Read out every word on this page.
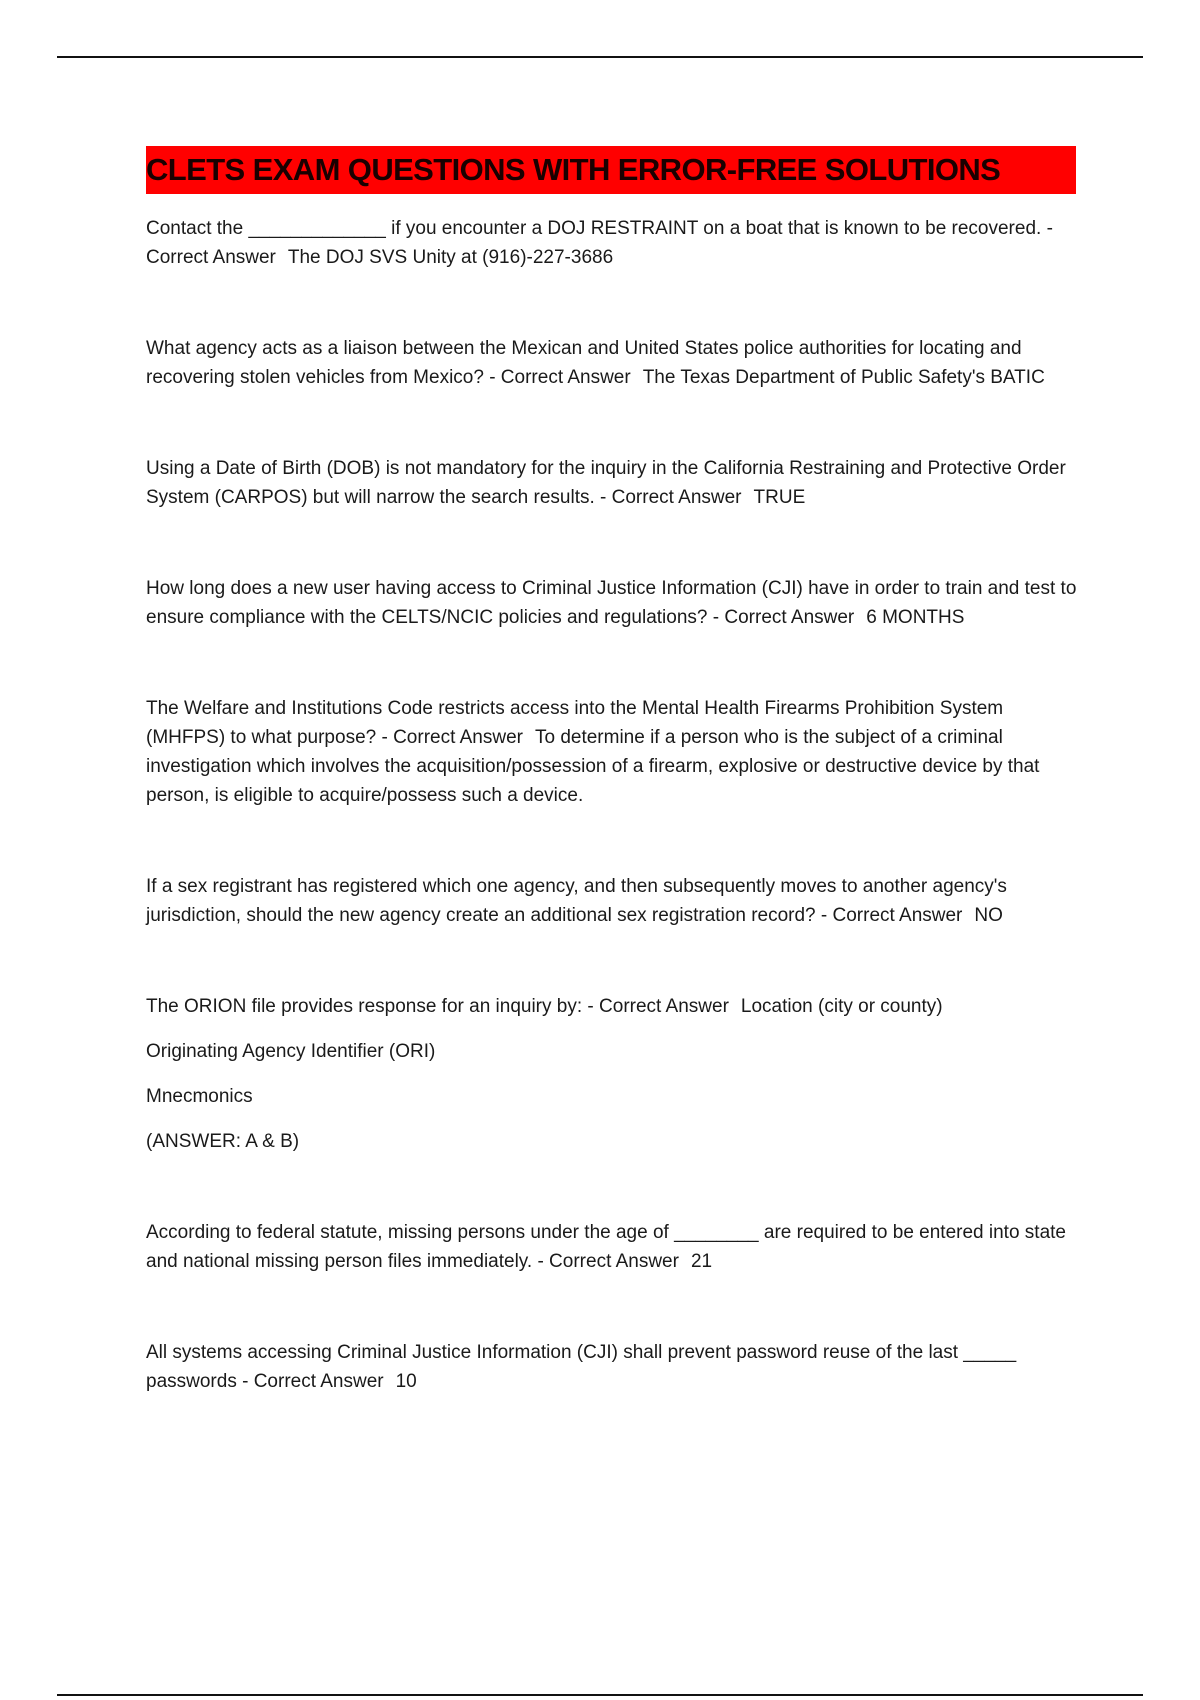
CLETS EXAM QUESTIONS WITH ERROR-FREE SOLUTIONS

Contact the _____________ if you encounter a DOJ RESTRAINT on a boat that is known to be recovered. - Correct Answer The DOJ SVS Unity at (916)-227-3686

What agency acts as a liaison between the Mexican and United States police authorities for locating and recovering stolen vehicles from Mexico? - Correct Answer The Texas Department of Public Safety's BATIC

Using a Date of Birth (DOB) is not mandatory for the inquiry in the California Restraining and Protective Order System (CARPOS) but will narrow the search results. - Correct Answer TRUE

How long does a new user having access to Criminal Justice Information (CJI) have in order to train and test to ensure compliance with the CELTS/NCIC policies and regulations? - Correct Answer 6 MONTHS

The Welfare and Institutions Code restricts access into the Mental Health Firearms Prohibition System (MHFPS) to what purpose? - Correct Answer To determine if a person who is the subject of a criminal investigation which involves the acquisition/possession of a firearm, explosive or destructive device by that person, is eligible to acquire/possess such a device.

If a sex registrant has registered which one agency, and then subsequently moves to another agency's jurisdiction, should the new agency create an additional sex registration record? - Correct Answer NO

The ORION file provides response for an inquiry by: - Correct Answer Location (city or county)

Originating Agency Identifier (ORI)
Mnecmonics
(ANSWER: A & B)

According to federal statute, missing persons under the age of ________ are required to be entered into state and national missing person files immediately. - Correct Answer 21

All systems accessing Criminal Justice Information (CJI) shall prevent password reuse of the last _____ passwords - Correct Answer 10
